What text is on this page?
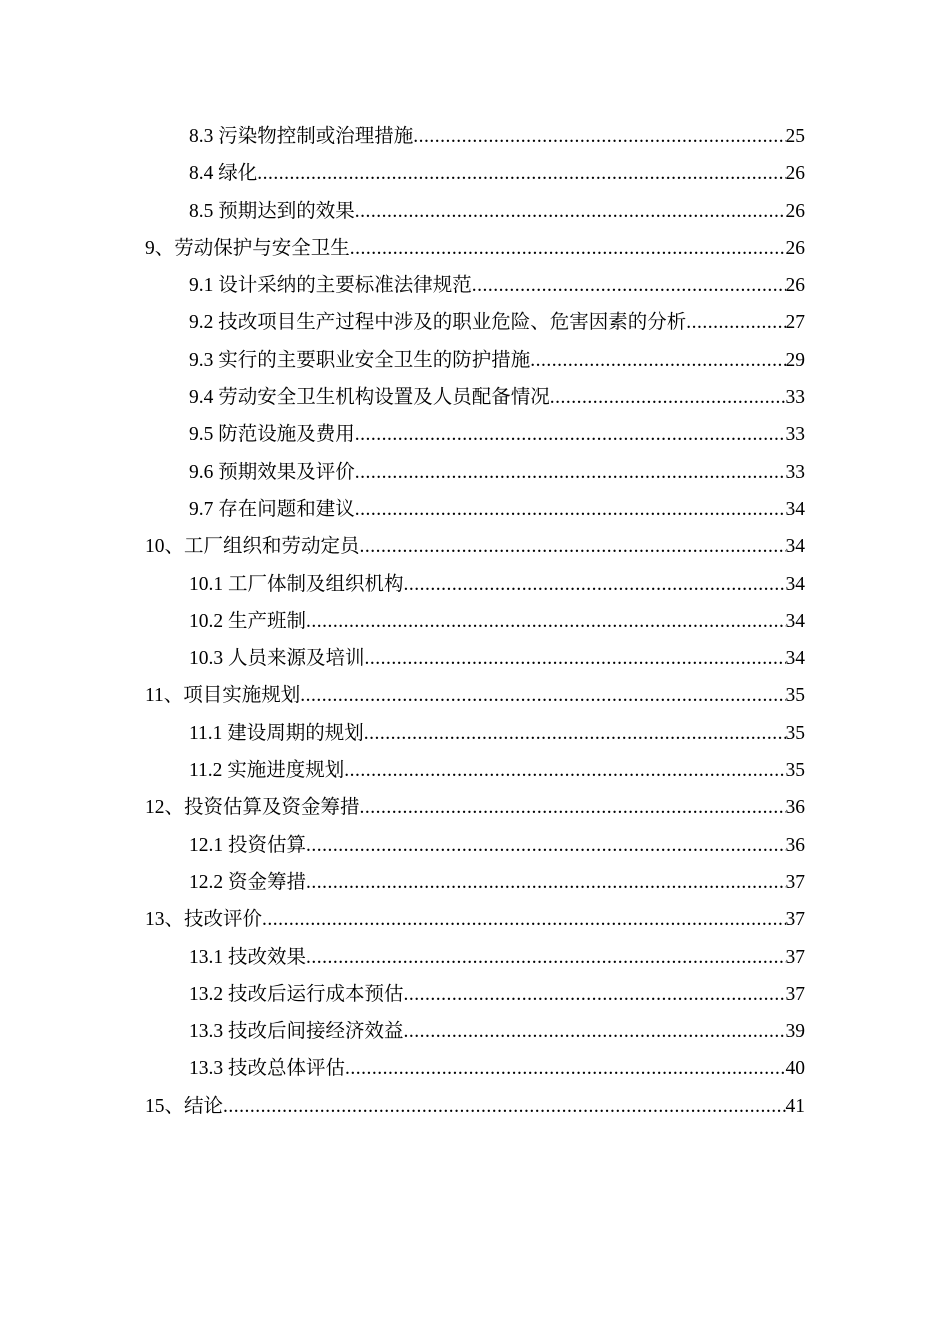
8.3 污染物控制或治理措施 .....	25
8.4 绿化 .....	26
8.5 预期达到的效果 .....	26
9、劳动保护与安全卫生 .....	26
9.1 设计采纳的主要标准法律规范 .....	26
9.2 技改项目生产过程中涉及的职业危险、危害因素的分析 .....	27
9.3 实行的主要职业安全卫生的防护措施 .....	29
9.4 劳动安全卫生机构设置及人员配备情况 .....	33
9.5 防范设施及费用 .....	33
9.6 预期效果及评价 .....	33
9.7 存在问题和建议 .....	34
10、工厂组织和劳动定员 .....	34
10.1 工厂体制及组织机构 .....	34
10.2 生产班制 .....	34
10.3 人员来源及培训 .....	34
11、项目实施规划 .....	35
11.1 建设周期的规划 .....	35
11.2 实施进度规划 .....	35
12、投资估算及资金筹措 .....	36
12.1 投资估算 .....	36
12.2 资金筹措 .....	37
13、技改评价 .....	37
13.1 技改效果 .....	37
13.2 技改后运行成本预估 .....	37
13.3 技改后间接经济效益 .....	39
13.3 技改总体评估 .....	40
15、结论 .....	41
